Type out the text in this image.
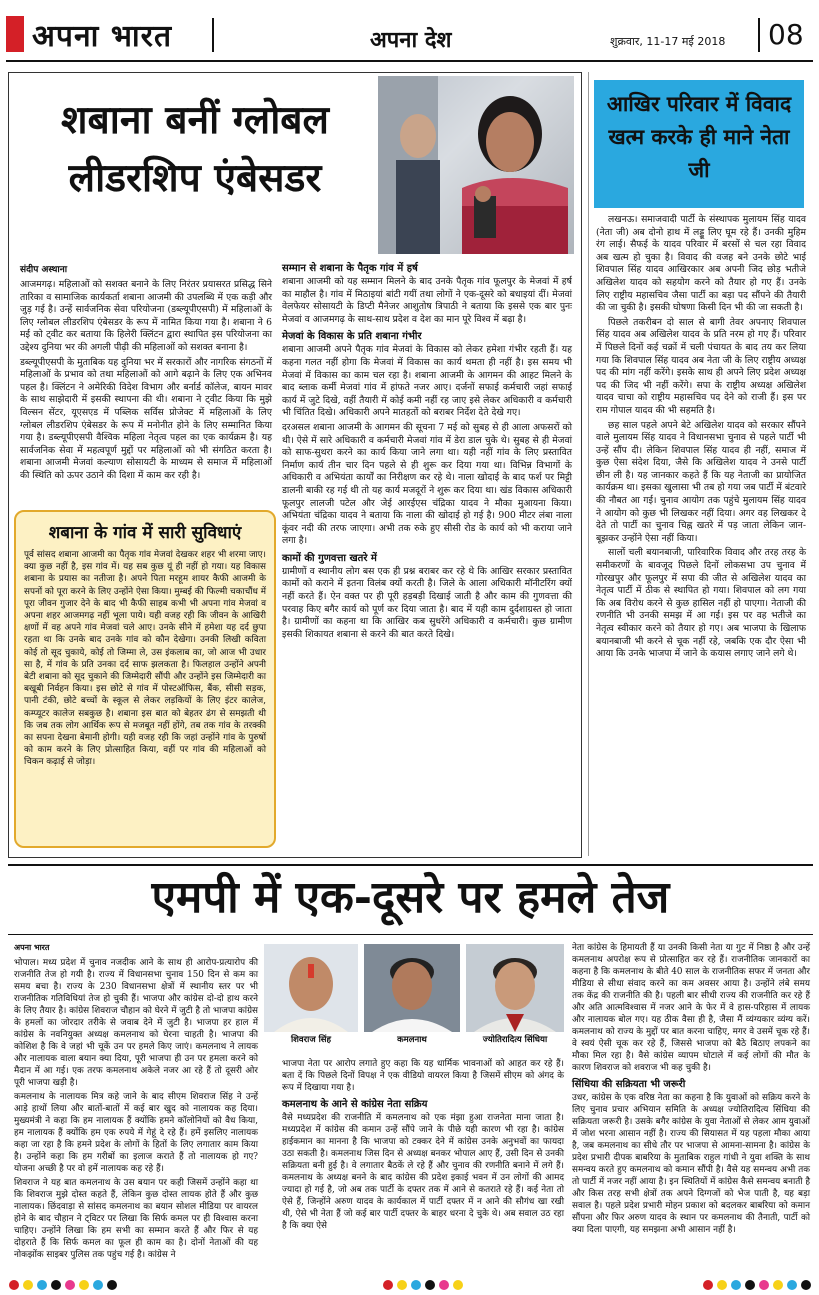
अपना भारत	अपना देश	शुक्रवार, 11-17 मई 2018 08
शबाना बनीं ग्लोबल
लीडरशिप एंबेसडर
संदीप अस्थाना

आजमगढ़। महिलाओं को सशक्त बनाने के लिए निरंतर प्रयासरत प्रसिद्ध सिने तारिका व सामाजिक कार्यकर्ता शबाना आजमी की उपलब्धि में एक कड़ी और जुड़ गई है। उन्हें सार्वजनिक सेवा परियोजना (डब्ल्यूपीएसपी) में महिलाओं के लिए ग्लोबल लीडरशिप एंबेसडर के रूप में नामित किया गया है। शबाना ने 6 मई को ट्वीट कर बताया कि हिलेरी क्लिंटन द्वारा स्थापित इस परियोजना का उद्देश्य दुनिया भर की अगली पीढ़ी की महिलाओं को सशक्त बनाना है।

डब्ल्यूपीएसपी के मुताबिक यह दुनिया भर में सरकारों और नागरिक संगठनों में महिलाओं के प्रभाव को तथा महिलाओं को आगे बढ़ाने के लिए एक अभिनव पहल है। क्लिंटन ने अमेरिकी विदेश विभाग और बर्नार्ड कॉलेज, बायन मावर के साथ साझेदारी में इसकी स्थापना की थी। शबाना ने ट्वीट किया कि मुझे विल्सन सेंटर, यूएसएड में पब्लिक सर्विस प्रोजेक्ट में महिलाओं के लिए ग्लोबल लीडरशिप एंबेसडर के रूप में मनोनीत होने के लिए सम्मानित किया गया है। डब्ल्यूपीएसपी वैश्विक महिला नेतृत्व पहल का एक कार्यक्रम है। यह सार्वजनिक सेवा में महत्वपूर्ण मुद्दों पर महिलाओं को भी संगठित करता है। शबाना आजमी मेजवां कल्याण सोसायटी के माध्यम से समाज में महिलाओं की स्थिति को ऊपर उठाने की दिशा में काम कर रही है।

सम्मान से शबाना के पैतृक गांव में हर्ष

शबाना आजमी को यह सम्मान मिलने के बाद उनके पैतृक गांव फूलपुर के मेजवां में हर्ष का माहौल है। गांव में मिठाइयां बांटी गयीं तथा लोगों ने एक-दूसरे को बधाइयां दीं। मेजवां वेलफेयर सोसायटी के डिप्टी मैनेजर आशुतोष त्रिपाठी ने बताया कि इससे एक बार पुनः मेजवां व आजमगढ़ के साथ-साथ प्रदेश व देश का मान पूरे विश्व में बढ़ा है।

मेजवां के विकास के प्रति शबाना गंभीर

शबाना आजमी अपने पैतृक गांव मेजवां के विकास को लेकर हमेशा गंभीर रहती हैं। यह कहना गलत नहीं होगा कि मेजवां में विकास का कार्य थमता ही नहीं है। इस समय भी मेजवां में विकास का काम चल रहा है। शबाना आजमी के आगमन की आहट मिलने के बाद ब्लाक कर्मी मेजवां गांव में हांफते नजर आए। दर्जनों सफाई कर्मचारी जहां सफाई कार्य में जुटे दिखे, वहीं तैयारी में कोई कमी नहीं रह जाए इसे लेकर अधिकारी व कर्मचारी भी चिंतित दिखे। अधिकारी अपने मातहतों को बराबर निर्देश देते देखे गए।

दरअसल शबाना आजमी के आगमन की सूचना 7 मई को सुबह से ही आला अफसरों को थी। ऐसे में सारे अधिकारी व कर्मचारी मेजवां गांव में डेरा डाल चुके थे। सुबह से ही मेजवां को साफ-सुथरा करने का कार्य किया जाने लगा था। यही नहीं गांव के लिए प्रस्तावित निर्माण कार्य तीन चार दिन पहले से ही शुरू कर दिया गया था। विभिन्न विभागों के अधिकारी व अभियंता कार्यों का निरीक्षण कर रहे थे। नाला खोदाई के बाद फर्श पर मिट्टी डालनी बाकी रह गई थी तो यह कार्य मजदूरों ने शुरू कर दिया था। खंड विकास अधिकारी फूलपुर लालजी पटेल और जेई आरईएस चंद्रिका यादव ने मौका मुआयना किया। अभियंता चंद्रिका यादव ने बताया कि नाला की खोदाई हो गई है। 900 मीटर लंबा नाला कूंवर नदी की तरफ जाएगा। अभी तक रुके हुए सीसी रोड के कार्य को भी कराया जाने लगा है।

कामों की गुणवत्ता खतरे में

ग्रामीणों व स्थानीय लोग बस एक ही प्रश्न बराबर कर रहे थे कि आखिर सरकार प्रस्तावित कामों को कराने में इतना विलंब क्यों करती है। जिले के आला अधिकारी मॉनीटरिंग क्यों नहीं करते हैं। ऐन वक्त पर ही पूरी हड़बड़ी दिखाई जाती है और काम की गुणवत्ता की परवाह किए बगैर कार्य को पूर्ण कर दिया जाता है। बाद में यही काम दुर्दशाग्रस्त हो जाता है। ग्रामीणों का कहना था कि आखिर कब सुधरेंगे अधिकारी व कर्मचारी। कुछ ग्रामीण इसकी शिकायत शबाना से करने की बात करते दिखे।

शबाना के गांव में सारी सुविधाएं

पूर्व सांसद शबाना आजमी का पैतृक गांव मेजवां देखकर शहर भी शरमा जाए। क्या कुछ नहीं है, इस गांव में। यह सब कुछ यूं ही नहीं हो गया। यह विकास शबाना के प्रयास का नतीजा है। अपने पिता मरहूम शायर कैफी आजमी के सपनों को पूरा करने के लिए उन्होंने ऐसा किया। मुम्बई की फिल्मी चकाचौंध में पूरा जीवन गुजार देने के बाद भी कैफी साहब कभी भी अपना गांव मेजवां व अपना शहर आजमगढ़ नहीं भूला पाये। यही वजह रही कि जीवन के आखिरी क्षणों में वह अपने गांव मेजवां चले आए। उनके सीने में हमेशा यह दर्द छुपा रहता था कि उनके बाद उनके गांव को कौन देखेगा। उनकी लिखी कविता कोई तो सूद चुकाये, कोई तो जिम्मा ले, उस इंकलाब का, जो आज भी उधार सा है, में गांव के प्रति उनका दर्द साफ झलकता है। फिलहाल उन्होंने अपनी बेटी शबाना को सूद चुकाने की जिम्मेदारी सौंपी और उन्होंने इस जिम्मेदारी का बखूबी निर्वहन किया। इस छोटे से गांव में पोस्टऑफिस, बैंक, सीसी सड़क, पानी टंकी, छोटे बच्चों के स्कूल से लेकर लड़कियों के लिए इंटर कालेज, कम्प्यूटर कालेज सबकुछ है। शबाना इस बात को बेहतर ढंग से समझती थी कि जब तक लोग आर्थिक रूप से मजबूत नहीं होंगे, तब तक गांव के तरक्की का सपना देखना बेमानी होगी। यही वजह रही कि जहां उन्होंने गांव के पुरुषों को काम करने के लिए प्रोत्साहित किया, वहीं पर गांव की महिलाओं को चिकन कढ़ाई से जोड़ा।

आखिर परिवार में विवाद खत्म करके ही माने नेता जी

लखनऊ। समाजवादी पार्टी के संस्थापक मुलायम सिंह यादव (नेता जी) अब दोनो हाथ में लड्डू लिए घूम रहे हैं। उनकी मुहिम रंग लाई। सैफई के यादव परिवार में बरसों से चल रहा विवाद अब खत्म हो चुका है। विवाद की वजह बने उनके छोटे भाई शिवपाल सिंह यादव आखिरकार अब अपनी जिद छोड़ भतीजे अखिलेश यादव को सहयोग करने को तैयार हो गए हैं। उनके लिए राष्ट्रीय महासचिव जैसा पार्टी का बड़ा पद सौंपने की तैयारी की जा चुकी है। इसकी घोषणा किसी दिन भी की जा सकती है।

पिछले तकरीबन दो साल से बागी तेवर अपनाए शिवपाल सिंह यादव अब अखिलेश यादव के प्रति नरम हो गए हैं। परिवार में पिछले दिनों कई चक्रों में चली पंचायत के बाद तय कर लिया गया कि शिवपाल सिंह यादव अब नेता जी के लिए राष्ट्रीय अध्यक्ष पद की मांग नहीं करेंगे। इसके साथ ही अपने लिए प्रदेश अध्यक्ष पद की जिद भी नहीं करेंगे। सपा के राष्ट्रीय अध्यक्ष अखिलेश यादव चाचा को राष्ट्रीय महासचिव पद देने को राजी हैं। इस पर राम गोपाल यादव की भी सहमति है।

छह साल पहले अपने बेटे अखिलेश यादव को सरकार सौंपने वाले मुलायम सिंह यादव ने विधानसभा चुनाव से पहले पार्टी भी उन्हें सौंप दी। लेकिन शिवपाल सिंह यादव ही नहीं, समाज में कुछ ऐसा संदेश दिया, जैसे कि अखिलेश यादव ने उनसे पार्टी छीन ली है। यह जानकार कहते हैं कि यह नेताजी का प्रायोजित कार्यक्रम था। इसका खुलासा भी तब हो गया जब पार्टी में बंटवारे की नौबत आ गई। चुनाव आयोग तक पहुंचे मुलायम सिंह यादव ने आयोग को कुछ भी लिखकर नहीं दिया। अगर वह लिखकर दे देते तो पार्टी का चुनाव चिह्न खतरे में पड़ जाता लेकिन जान-बूझकर उन्होंने ऐसा नहीं किया।

सालों चली बयानबाजी, पारिवारिक विवाद और तरह तरह के समीकरणों के बावजूद पिछले दिनों लोकसभा उप चुनाव में गोरखपुर और फूलपुर में सपा की जीत से अखिलेश यादव का नेतृत्व पार्टी में ठीक से स्थापित हो गया। शिवपाल को लग गया कि अब विरोध करने से कुछ हासिल नहीं हो पाएगा। नेताजी की रणनीति भी उनकी समझ में आ गई। इस पर वह भतीजे का नेतृत्व स्वीकार करने को तैयार हो गए। अब भाजपा के खिलाफ बयानबाजी भी करने से चूक नहीं रहे, जबकि एक दौर ऐसा भी आया कि उनके भाजपा में जाने के कयास लगाए जाने लगे थे।

एमपी में एक-दूसरे पर हमले तेज
अपना भारत

भोपाल। मध्य प्रदेश में चुनाव नजदीक आने के साथ ही आरोप-प्रत्यारोप की राजनीति तेज हो गयी है। राज्य में विधानसभा चुनाव 150 दिन से कम का समय बचा है। राज्य के 230 विधानसभा क्षेत्रों में स्थानीय स्तर पर भी राजनीतिक गतिविधियां तेज हो चुकी हैं। भाजपा और कांग्रेस दो-दो हाथ करने के लिए तैयार है। कांग्रेस शिवराज चौहान को घेरने में जुटी है तो भाजपा कांग्रेस के हमलों का जोरदार तरीके से जवाब देने में जुटी है। भाजपा हर हाल में कांग्रेस के नवनियुक्त अध्यक्ष कमलनाथ को घेरना चाहती है। भाजपा की कोशिश है कि वे जहां भी चूकें उन पर हमले किए जाएं। कमलनाथ ने लायक और नालायक वाला बयान क्या दिया, पूरी भाजपा ही उन पर हमला करने को मैदान में आ गई। एक तरफ कमलनाथ अकेले नजर आ रहे हैं तो दूसरी ओर पूरी भाजपा खड़ी है।

कमलनाथ के नालायक मित्र कहे जाने के बाद सीएम शिवराज सिंह ने उन्हें आड़े हाथों लिया और बातों-बातों में कई बार खुद को नालायक कह दिया। मुख्यमंत्री ने कहा कि हम नालायक हैं क्योंकि हमने कॉलोनियों को वैध किया, हम नालायक हैं क्योंकि हम एक रुपये में गेहूं दे रहे हैं। हमें इसलिए नालायक कहा जा रहा है कि हमने प्रदेश के लोगों के हितों के लिए लगातार काम किया है। उन्होंने कहा कि हम गरीबों का इलाज कराते हैं तो नालायक हो गए? योजना अच्छी है पर वो हमें नालायक कह रहे हैं।

शिवराज ने यह बात कमलनाथ के उस बयान पर कही जिसमें उन्होंने कहा था कि शिवराज मुझे दोस्त कहते हैं, लेकिन कुछ दोस्त लायक होते हैं और कुछ नालायक। छिंदवाड़ा से सांसद कमलनाथ का बयान सोशल मीडिया पर वायरल होने के बाद चौहान ने ट्विटर पर लिखा कि सिर्फ कमल पर ही विश्वास करना चाहिए। उन्होंने लिखा कि हम सभी का सम्मान करते हैं और फिर से यह दोहराते हैं कि सिर्फ कमल का फूल ही काम का है। दोनों नेताओं की यह नोकझोंक साइबर पुलिस तक पहुंच गई है। कांग्रेस ने

शिवराज सिंह	कमलनाथ	ज्योतिरादित्य सिंधिया

भाजपा नेता पर आरोप लगाते हुए कहा कि यह धार्मिक भावनाओं को आहत कर रहे हैं। बता दें कि पिछले दिनों विपक्ष ने एक वीडियो वायरल किया है जिसमें सीएम को अंगद के रूप में दिखाया गया है।

कमलनाथ के आने से कांग्रेस नेता सक्रिय

वैसे मध्यप्रदेश की राजनीति में कमलनाथ को एक मंझा हुआ राजनेता माना जाता है। मध्यप्रदेश में कांग्रेस की कमान उन्हें सौंपे जाने के पीछे यही कारण भी रहा है। कांग्रेस हाईकमान का मानना है कि भाजपा को टक्कर देने में कांग्रेस उनके अनुभवों का फायदा उठा सकती है। कमलनाथ जिस दिन से अध्यक्ष बनकर भोपाल आए हैं, उसी दिन से उनकी सक्रियता बनी हुई है। वे लगातार बैठकें ले रहे हैं और चुनाव की रणनीति बनाने में लगे हैं। कमलनाथ के अध्यक्ष बनने के बाद कांग्रेस की प्रदेश इकाई भवन में उन लोगों की आमद ज्यादा हो गई है, जो अब तक पार्टी के दफ्तर तक में आने से कतराते रहे हैं। कई नेता तो ऐसे हैं, जिन्होंने अरुण यादव के कार्यकाल में पार्टी दफ्तर में न आने की सौगंध खा रखी थी, ऐसे भी नेता हैं जो कई बार पार्टी दफ्तर के बाहर धरना दे चुके थे। अब सवाल उठ रहा है कि क्या ऐसे

नेता कांग्रेस के हिमायती हैं या उनकी किसी नेता या गुट में निष्ठा है और उन्हें कमलनाथ अपरोक्ष रूप से प्रोत्साहित कर रहे हैं। राजनीतिक जानकारों का कहना है कि कमलनाथ के बीते 40 साल के राजनीतिक सफर में जनता और मीडिया से सीधा संवाद करने का कम अवसर आया है। उन्होंने लंबे समय तक केंद्र की राजनीति की है। पहली बार सीधी राज्य की राजनीति कर रहे हैं और अति आत्मविश्वास में नजर आने के फेर में वे हास-परिहास में लायक और नालायक बोल गए। यह ठीक वैसा ही है, जैसा मैं व्यंग्यकार व्यंग्य करें। कमलनाथ को राज्य के मुद्दों पर बात करना चाहिए, मगर वे उसमें चूक रहे हैं। वे स्वयं ऐसी चूक कर रहे हैं, जिससे भाजपा को बैठे बिठाए लपकने का मौका मिल रहा है। वैसे कांग्रेस व्यापम घोटाले में कई लोगों की मौत के कारण शिवराज को शवराज भी कह चुकी है।

सिंधिया की सक्रियता भी जरूरी

उधर, कांग्रेस के एक वरिष्ठ नेता का कहना है कि युवाओं को सक्रिय करने के लिए चुनाव प्रचार अभियान समिति के अध्यक्ष ज्योतिरादित्य सिंधिया की सक्रियता जरूरी है। उसके बगैर कांग्रेस के युवा नेताओं से लेकर आम युवाओं में जोश भरना आसान नहीं है। राज्य की सियासत में यह पहला मौका आया है, जब कमलनाथ का सीधे तौर पर भाजपा से आमना-सामना है। कांग्रेस के प्रदेश प्रभारी दीपक बाबरिया के मुताबिक राहुल गांधी ने युवा शक्ति के साथ समन्वय करते हुए कमलनाथ को कमान सौंपी है। वैसे यह समन्वय अभी तक तो पार्टी में नजर नहीं आया है। इन स्थितियों में कांग्रेस कैसे समन्वय बनाती है और किस तरह सभी क्षेत्रों तक अपने दिग्गजों को भेज पाती है, यह बड़ा सवाल है। पहले प्रदेश प्रभारी मोहन प्रकाश को बदलकर बाबरिया को कमान सौंपना और फिर अरुण यादव के स्थान पर कमलनाथ की तैनाती, पार्टी को क्या दिला पाएगी, यह समझना अभी आसान नहीं है।
